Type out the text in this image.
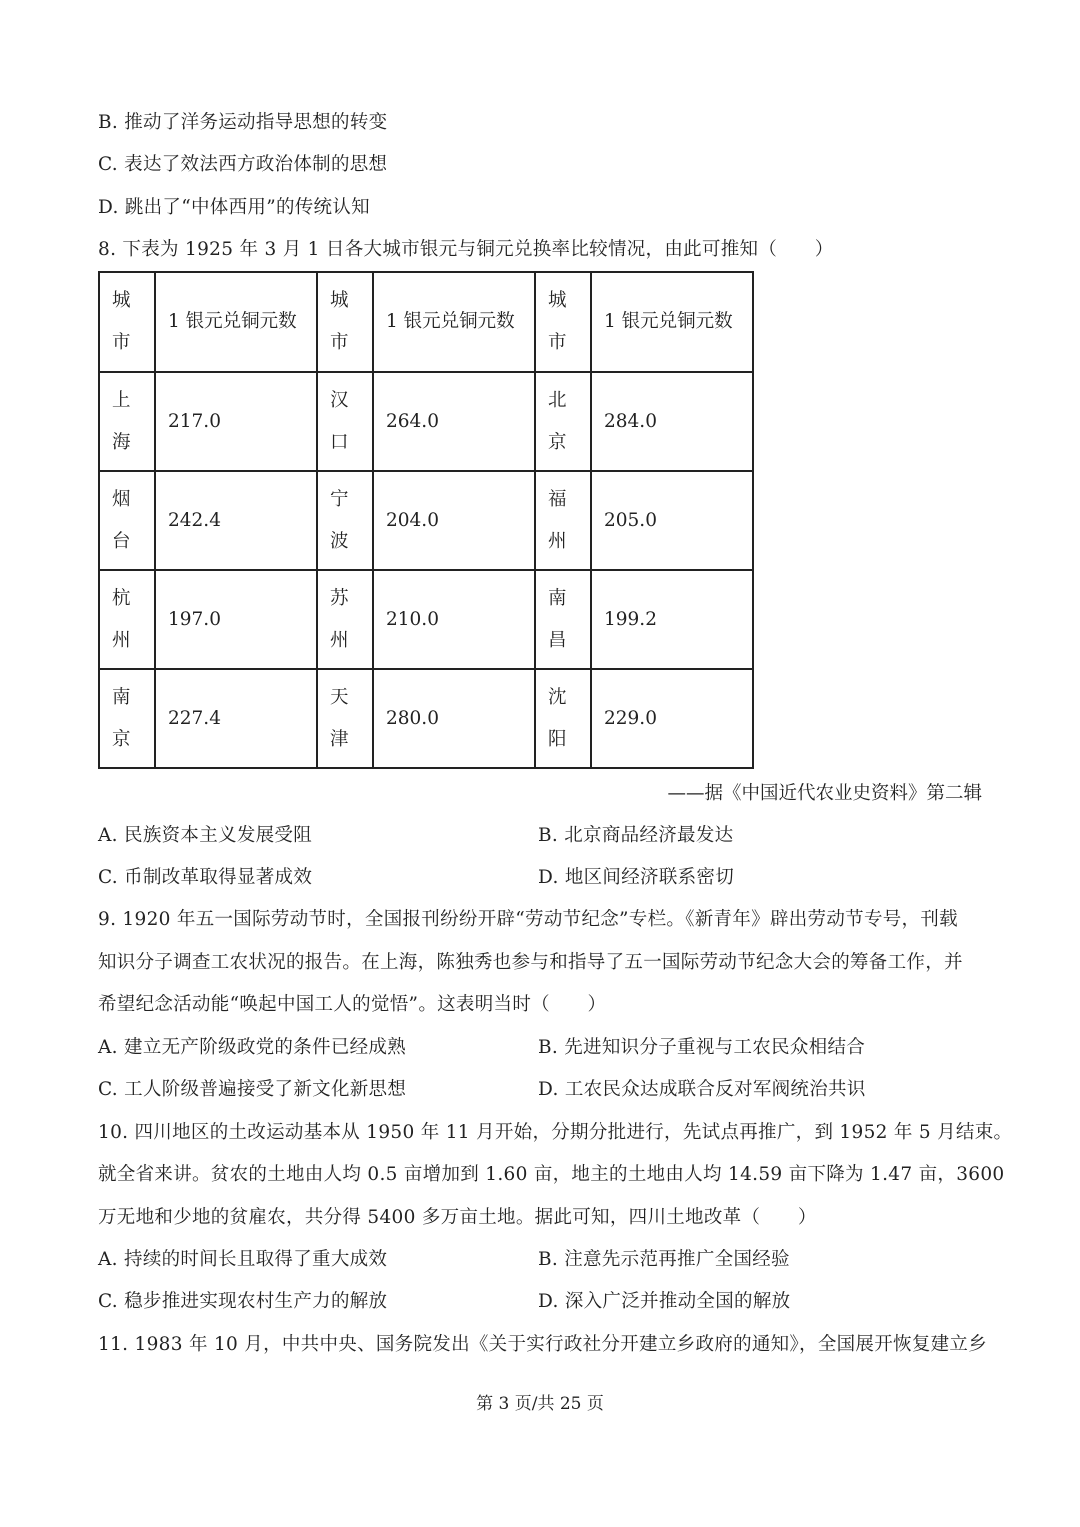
B. 推动了洋务运动指导思想的转变
C. 表达了效法西方政治体制的思想
D. 跳出了“中体西用”的传统认知
8. 下表为 1925 年 3 月 1 日各大城市银元与铜元兑换率比较情况，由此可推知（　　）
城市	1 银元兑铜元数	城市	1 银元兑铜元数	城市	1 银元兑铜元数

上海	217.0	汉口	264.0	北京	284.0

烟台	242.4	宁波	204.0	福州	205.0

杭州	197.0	苏州	210.0	南昌	199.2

南京	227.4	天津	280.0	沈阳	229.0
——据《中国近代农业史资料》第二辑
A. 民族资本主义发展受阻	B. 北京商品经济最发达
C. 币制改革取得显著成效	D. 地区间经济联系密切
9. 1920 年五一国际劳动节时，全国报刊纷纷开辟“劳动节纪念”专栏。《新青年》辟出劳动节专号，刊载
知识分子调查工农状况的报告。在上海，陈独秀也参与和指导了五一国际劳动节纪念大会的筹备工作，并
希望纪念活动能“唤起中国工人的觉悟”。这表明当时（　　）
A. 建立无产阶级政党的条件已经成熟	B. 先进知识分子重视与工农民众相结合
C. 工人阶级普遍接受了新文化新思想	D. 工农民众达成联合反对军阀统治共识
10. 四川地区的土改运动基本从 1950 年 11 月开始，分期分批进行，先试点再推广，到 1952 年 5 月结束。
就全省来讲。贫农的土地由人均 0.5 亩增加到 1.60 亩，地主的土地由人均 14.59 亩下降为 1.47 亩，3600
万无地和少地的贫雇农，共分得 5400 多万亩土地。据此可知，四川土地改革（　　）
A. 持续的时间长且取得了重大成效	B. 注意先示范再推广全国经验
C. 稳步推进实现农村生产力的解放	D. 深入广泛并推动全国的解放
11. 1983 年 10 月，中共中央、国务院发出《关于实行政社分开建立乡政府的通知》，全国展开恢复建立乡
第 3 页/共 25 页
